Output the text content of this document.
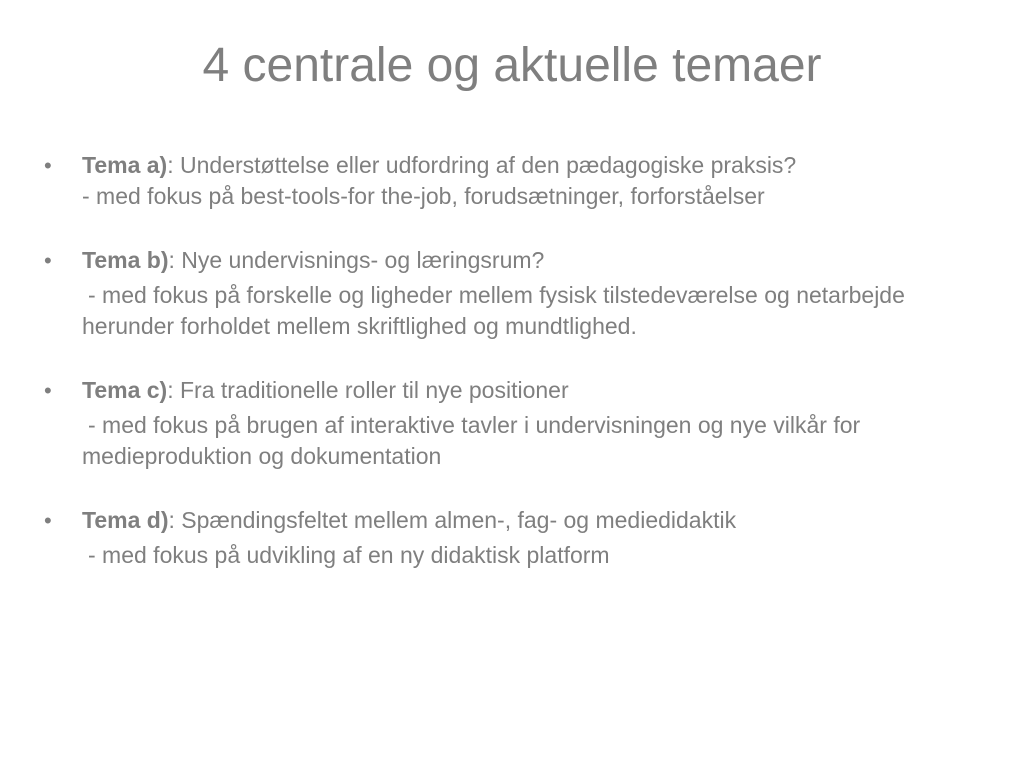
4 centrale og aktuelle temaer
• Tema a): Understøttelse eller udfordring af den pædagogiske praksis?
- med fokus på best-tools-for the-job, forudsætninger, forforståelser
• Tema b): Nye undervisnings- og læringsrum?
- med fokus på forskelle og ligheder mellem fysisk tilstedeværelse og netarbejde herunder forholdet mellem skriftlighed og mundtlighed.
• Tema c): Fra traditionelle roller til nye positioner
- med fokus på brugen af interaktive tavler i undervisningen og nye vilkår for medieproduktion og dokumentation
• Tema d): Spændingsfeltet mellem almen-, fag- og mediedidaktik
- med fokus på udvikling af en ny didaktisk platform
